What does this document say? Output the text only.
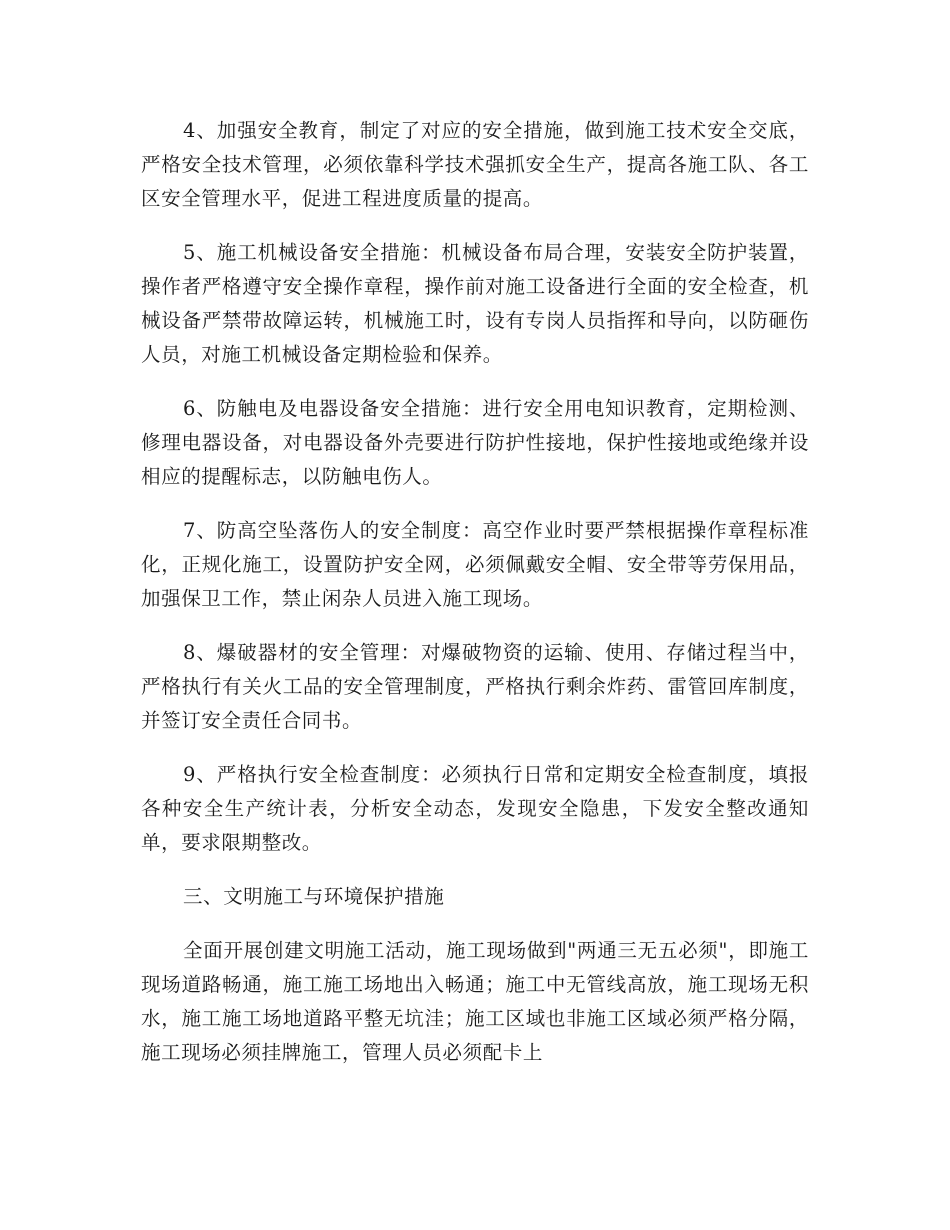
4、加强安全教育，制定了对应的安全措施，做到施工技术安全交底，严格安全技术管理，必须依靠科学技术强抓安全生产，提高各施工队、各工区安全管理水平，促进工程进度质量的提高。

5、施工机械设备安全措施：机械设备布局合理，安装安全防护装置，操作者严格遵守安全操作章程，操作前对施工设备进行全面的安全检查，机械设备严禁带故障运转，机械施工时，设有专岗人员指挥和导向，以防砸伤人员，对施工机械设备定期检验和保养。

6、防触电及电器设备安全措施：进行安全用电知识教育，定期检测、修理电器设备，对电器设备外壳要进行防护性接地，保护性接地或绝缘并设相应的提醒标志，以防触电伤人。

7、防高空坠落伤人的安全制度：高空作业时要严禁根据操作章程标准化，正规化施工，设置防护安全网，必须佩戴安全帽、安全带等劳保用品，加强保卫工作，禁止闲杂人员进入施工现场。

8、爆破器材的安全管理：对爆破物资的运输、使用、存储过程当中，严格执行有关火工品的安全管理制度，严格执行剩余炸药、雷管回库制度，并签订安全责任合同书。

9、严格执行安全检查制度：必须执行日常和定期安全检查制度，填报各种安全生产统计表，分析安全动态，发现安全隐患，下发安全整改通知单，要求限期整改。

三、文明施工与环境保护措施

全面开展创建文明施工活动，施工现场做到"两通三无五必须"，即施工现场道路畅通，施工施工场地出入畅通；施工中无管线高放，施工现场无积水，施工施工场地道路平整无坑洼；施工区域也非施工区域必须严格分隔，施工现场必须挂牌施工，管理人员必须配卡上
